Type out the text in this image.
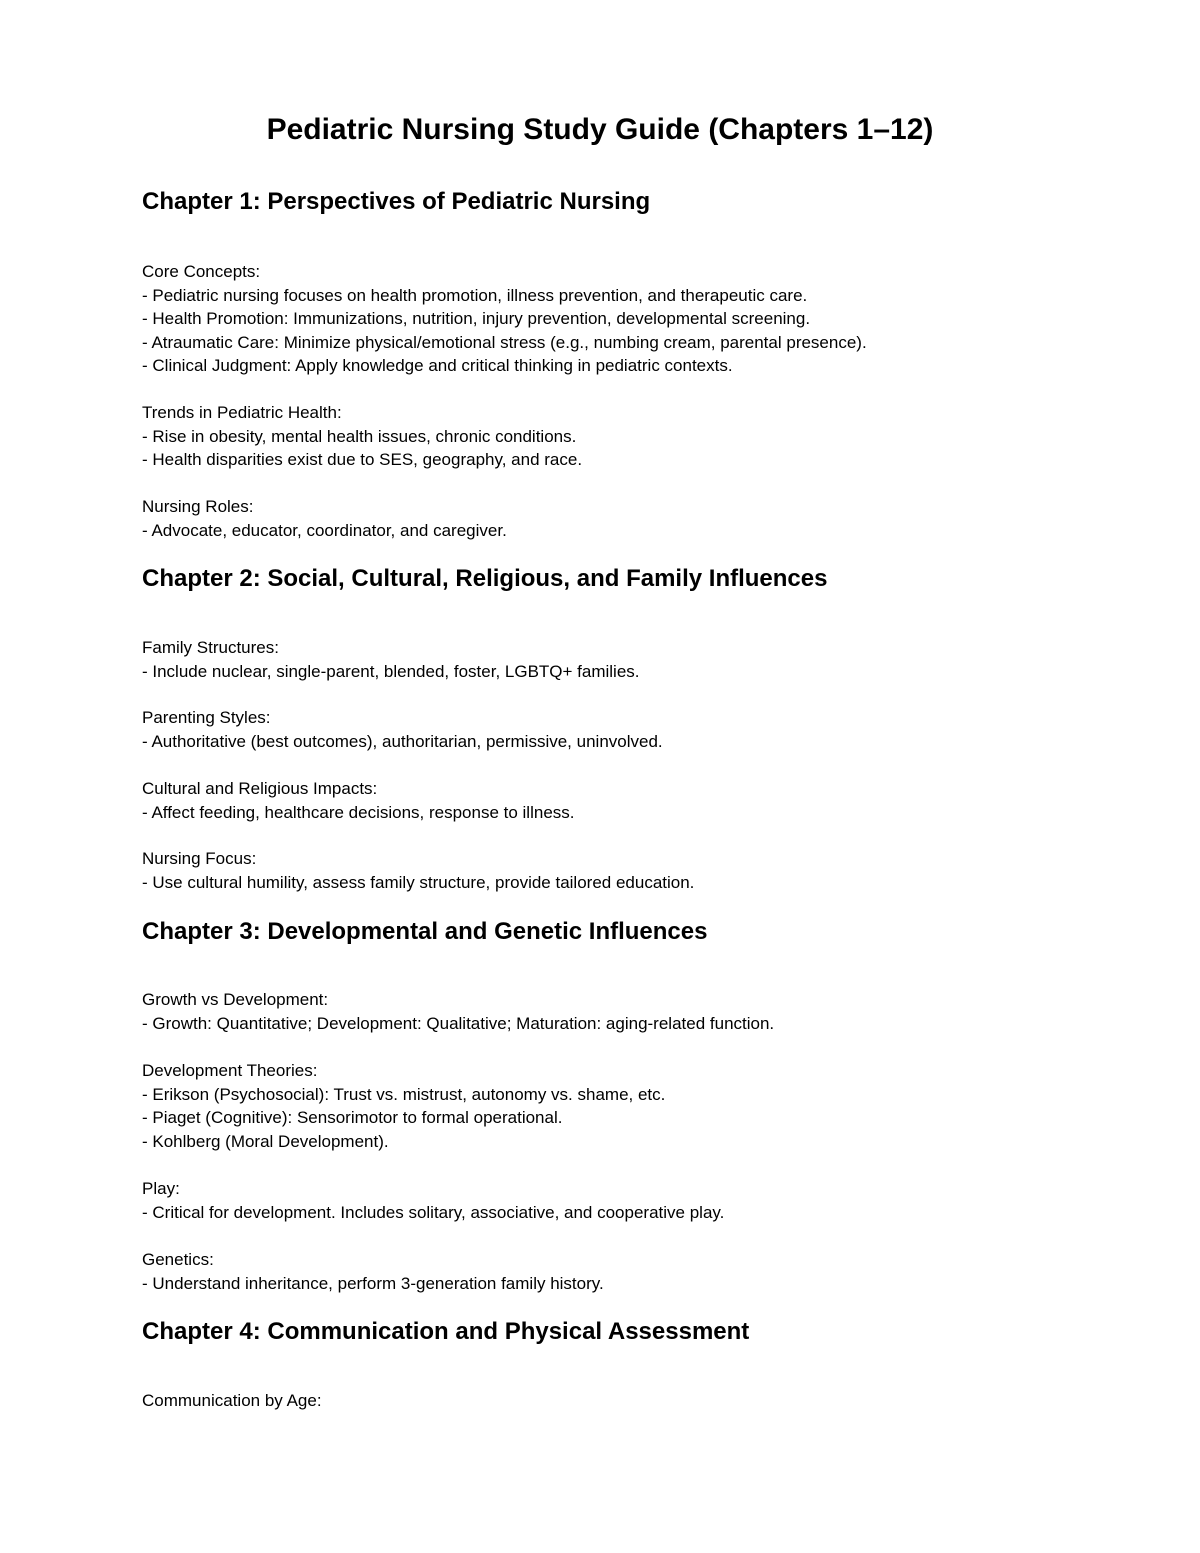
Pediatric Nursing Study Guide (Chapters 1–12)
Chapter 1: Perspectives of Pediatric Nursing

Core Concepts:

- Pediatric nursing focuses on health promotion, illness prevention, and therapeutic care.

- Health Promotion: Immunizations, nutrition, injury prevention, developmental screening.

- Atraumatic Care: Minimize physical/emotional stress (e.g., numbing cream, parental presence).

- Clinical Judgment: Apply knowledge and critical thinking in pediatric contexts.

Trends in Pediatric Health:

- Rise in obesity, mental health issues, chronic conditions.

- Health disparities exist due to SES, geography, and race.

Nursing Roles:

- Advocate, educator, coordinator, and caregiver.

Chapter 2: Social, Cultural, Religious, and Family Influences

Family Structures:

- Include nuclear, single-parent, blended, foster, LGBTQ+ families.

Parenting Styles:

- Authoritative (best outcomes), authoritarian, permissive, uninvolved.

Cultural and Religious Impacts:

- Affect feeding, healthcare decisions, response to illness.

Nursing Focus:

- Use cultural humility, assess family structure, provide tailored education.

Chapter 3: Developmental and Genetic Influences

Growth vs Development:

- Growth: Quantitative; Development: Qualitative; Maturation: aging-related function.

Development Theories:

- Erikson (Psychosocial): Trust vs. mistrust, autonomy vs. shame, etc.

- Piaget (Cognitive): Sensorimotor to formal operational.

- Kohlberg (Moral Development).

Play:

- Critical for development. Includes solitary, associative, and cooperative play.

Genetics:

- Understand inheritance, perform 3-generation family history.

Chapter 4: Communication and Physical Assessment

Communication by Age:
